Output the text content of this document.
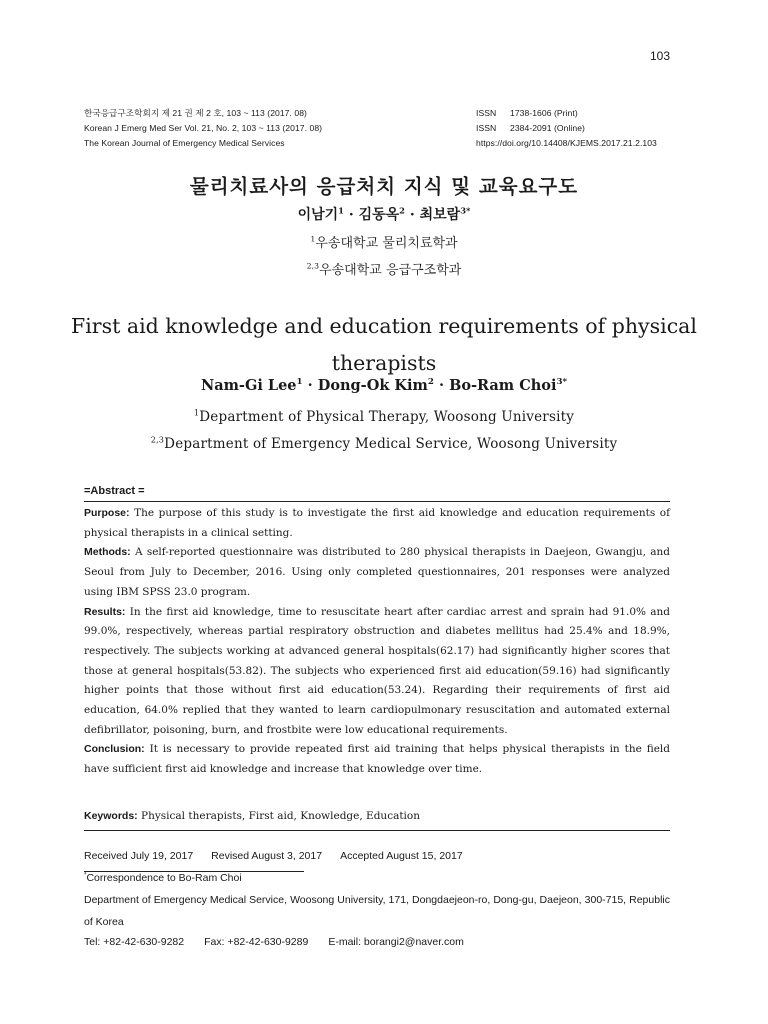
103
한국응급구조학회지 제 21 권 제 2 호, 103 ~ 113 (2017. 08)
Korean J Emerg Med Ser Vol. 21, No. 2, 103 ~ 113 (2017. 08)
The Korean Journal of Emergency Medical Services
ISSN 1738-1606 (Print)
ISSN 2384-2091 (Online)
https://doi.org/10.14408/KJEMS.2017.21.2.103
물리치료사의 응급처치 지식 및 교육요구도
이남기$^1$ · 김동옥$^2$ · 최보람$^{3*}$
$^1$우송대학교 물리치료학과
$^{2,3}$우송대학교 응급구조학과
First aid knowledge and education requirements of physical therapists
Nam-Gi Lee$^1$ · Dong-Ok Kim$^2$ · Bo-Ram Choi$^{3*}$
$^1$Department of Physical Therapy, Woosong University
$^{2,3}$Department of Emergency Medical Service, Woosong University
=Abstract =

Purpose: The purpose of this study is to investigate the first aid knowledge and education requirements of physical therapists in a clinical setting.

Methods: A self-reported questionnaire was distributed to 280 physical therapists in Daejeon, Gwangju, and Seoul from July to December, 2016. Using only completed questionnaires, 201 responses were analyzed using IBM SPSS 23.0 program.

Results: In the first aid knowledge, time to resuscitate heart after cardiac arrest and sprain had 91.0% and 99.0%, respectively, whereas partial respiratory obstruction and diabetes mellitus had 25.4% and 18.9%, respectively. The subjects working at advanced general hospitals(62.17) had significantly higher scores that those at general hospitals(53.82). The subjects who experienced first aid education(59.16) had significantly higher points that those without first aid education(53.24). Regarding their requirements of first aid education, 64.0% replied that they wanted to learn cardiopulmonary resuscitation and automated external defibrillator, poisoning, burn, and frostbite were low educational requirements.

Conclusion: It is necessary to provide repeated first aid training that helps physical therapists in the field have sufficient first aid knowledge and increase that knowledge over time.

Keywords: Physical therapists, First aid, Knowledge, Education
Received July 19, 2017 Revised August 3, 2017 Accepted August 15, 2017
*Correspondence to Bo-Ram Choi
Department of Emergency Medical Service, Woosong University, 171, Dongdaejeon-ro, Dong-gu, Daejeon, 300-715, Republic of Korea
Tel: +82-42-630-9282 Fax: +82-42-630-9289 E-mail: borangi2@naver.com
